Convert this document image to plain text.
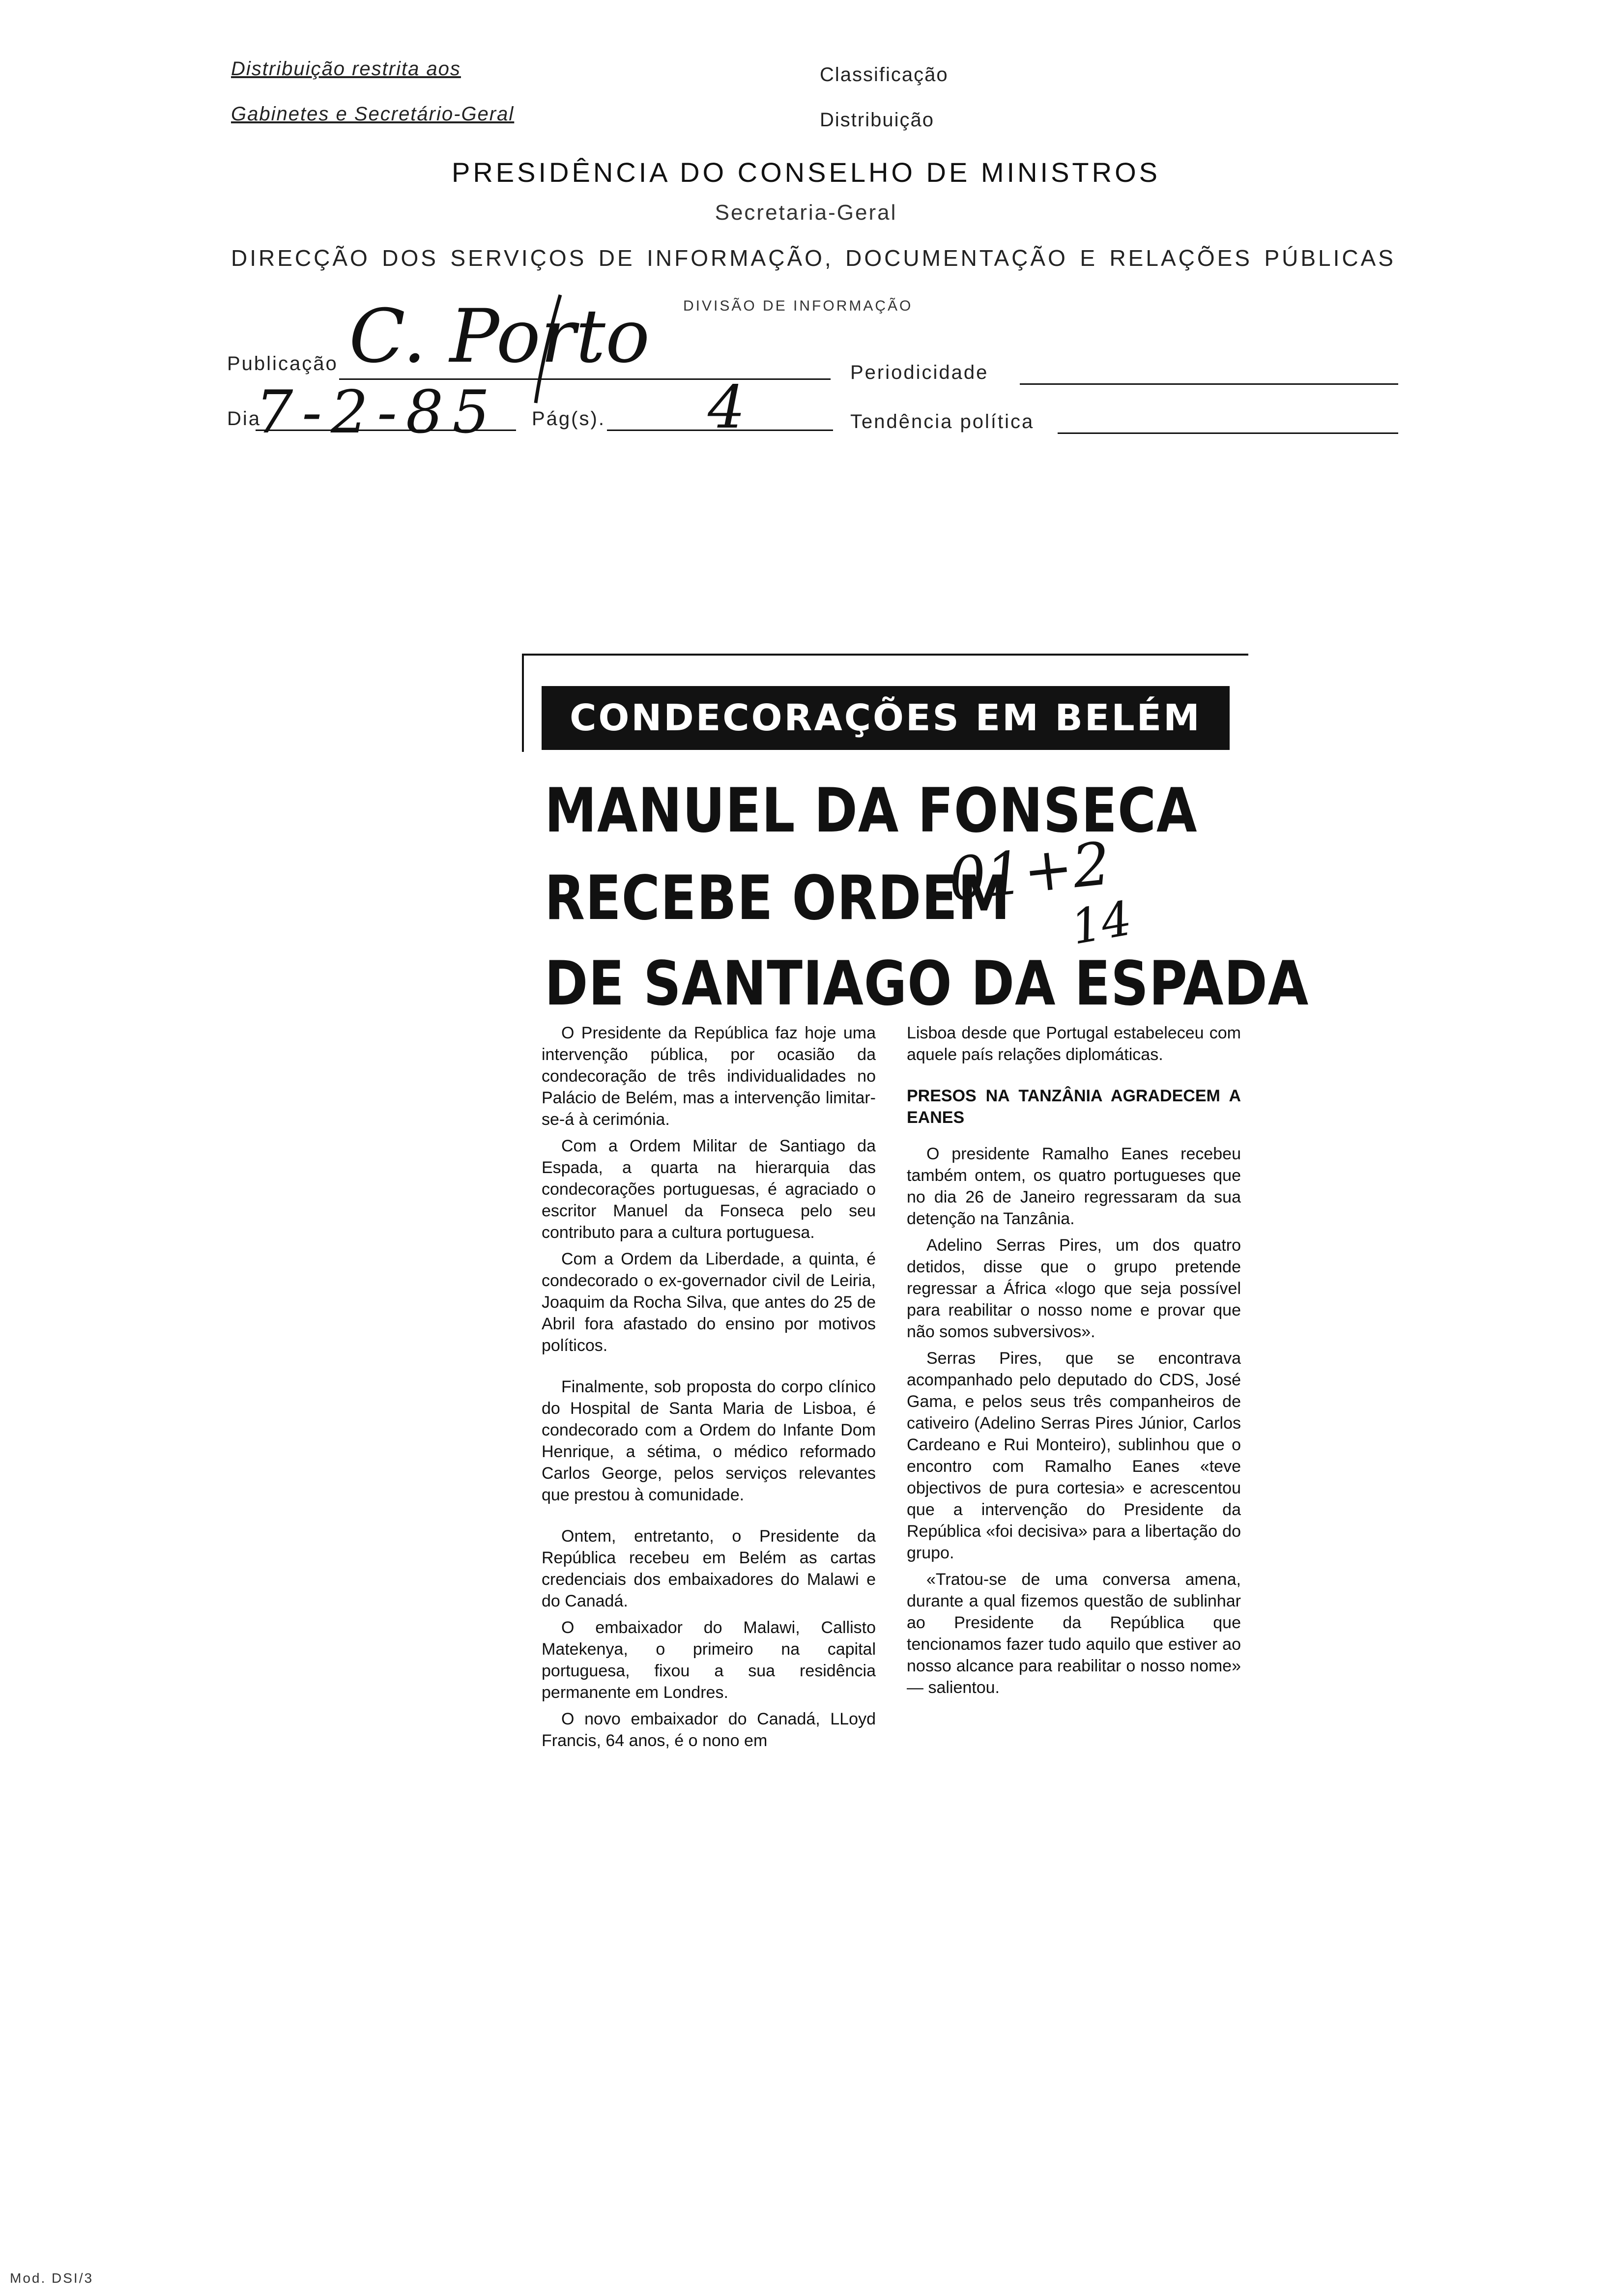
Distribuição restrita aos
Gabinetes e Secretário-Geral
Classificação
Distribuição
PRESIDÊNCIA DO CONSELHO DE MINISTROS
Secretaria-Geral
DIRECÇÃO DOS SERVIÇOS DE INFORMAÇÃO, DOCUMENTAÇÃO E RELAÇÕES PÚBLICAS
DIVISÃO DE INFORMAÇÃO
Publicação C. Porto	Periodicidade
Dia
7-2-85 Pág(s). 4	Tendência política
CONDECORAÇÕES EM BELÉM
MANUEL DA FONSECA
RECEBE ORDEM
DE SANTIAGO DA ESPADA
01+2
14

O Presidente da República faz hoje uma intervenção pública, por ocasião da condecoração de três individualidades no Palácio de Belém, mas a intervenção limitar-se-á à cerimónia.

Com a Ordem Militar de Santiago da Espada, a quarta na hierarquia das condecorações portuguesas, é agraciado o escritor Manuel da Fonseca pelo seu contributo para a cultura portuguesa.

Com a Ordem da Liberdade, a quinta, é condecorado o ex-governador civil de Leiria, Joaquim da Rocha Silva, que antes do 25 de Abril fora afastado do ensino por motivos políticos.

Finalmente, sob proposta do corpo clínico do Hospital de Santa Maria de Lisboa, é condecorado com a Ordem do Infante Dom Henrique, a sétima, o médico reformado Carlos George, pelos serviços relevantes que prestou à comunidade.

Ontem, entretanto, o Presidente da República recebeu em Belém as cartas credenciais dos embaixadores do Malawi e do Canadá.

O embaixador do Malawi, Callisto Matekenya, o primeiro na capital portuguesa, fixou a sua residência permanente em Londres.

O novo embaixador do Canadá, LLoyd Francis, 64 anos, é o nono em

Lisboa desde que Portugal estabeleceu com aquele país relações diplomáticas.

PRESOS NA TANZÂNIA AGRADECEM A EANES

O presidente Ramalho Eanes recebeu também ontem, os quatro portugueses que no dia 26 de Janeiro regressaram da sua detenção na Tanzânia.

Adelino Serras Pires, um dos quatro detidos, disse que o grupo pretende regressar a África «logo que seja possível para reabilitar o nosso nome e provar que não somos subversivos».

Serras Pires, que se encontrava acompanhado pelo deputado do CDS, José Gama, e pelos seus três companheiros de cativeiro (Adelino Serras Pires Júnior, Carlos Cardeano e Rui Monteiro), sublinhou que o encontro com Ramalho Eanes «teve objectivos de pura cortesia» e acrescentou que a intervenção do Presidente da República «foi decisiva» para a libertação do grupo.

«Tratou-se de uma conversa amena, durante a qual fizemos questão de sublinhar ao Presidente da República que tencionamos fazer tudo aquilo que estiver ao nosso alcance para reabilitar o nosso nome» — salientou.

Mod. DSI/3
